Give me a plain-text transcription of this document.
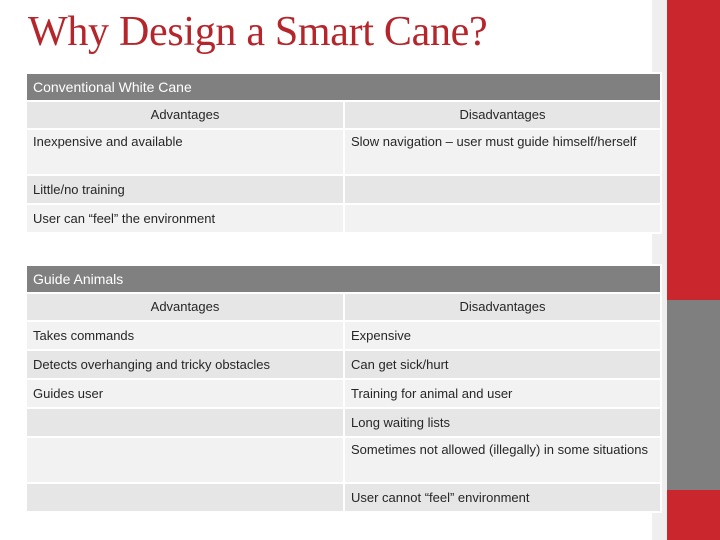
Why Design a Smart Cane?
Conventional White Cane	
Advantages	Disadvantages
Inexpensive and available	Slow navigation – user must guide himself/herself
Little/no training	
User can “feel” the environment	
Guide Animals	
Advantages	Disadvantages
Takes commands	Expensive
Detects overhanging and tricky obstacles	Can get sick/hurt
Guides user	Training for animal and user
	Long waiting lists
	Sometimes not allowed (illegally) in some situations
	User cannot “feel” environment
